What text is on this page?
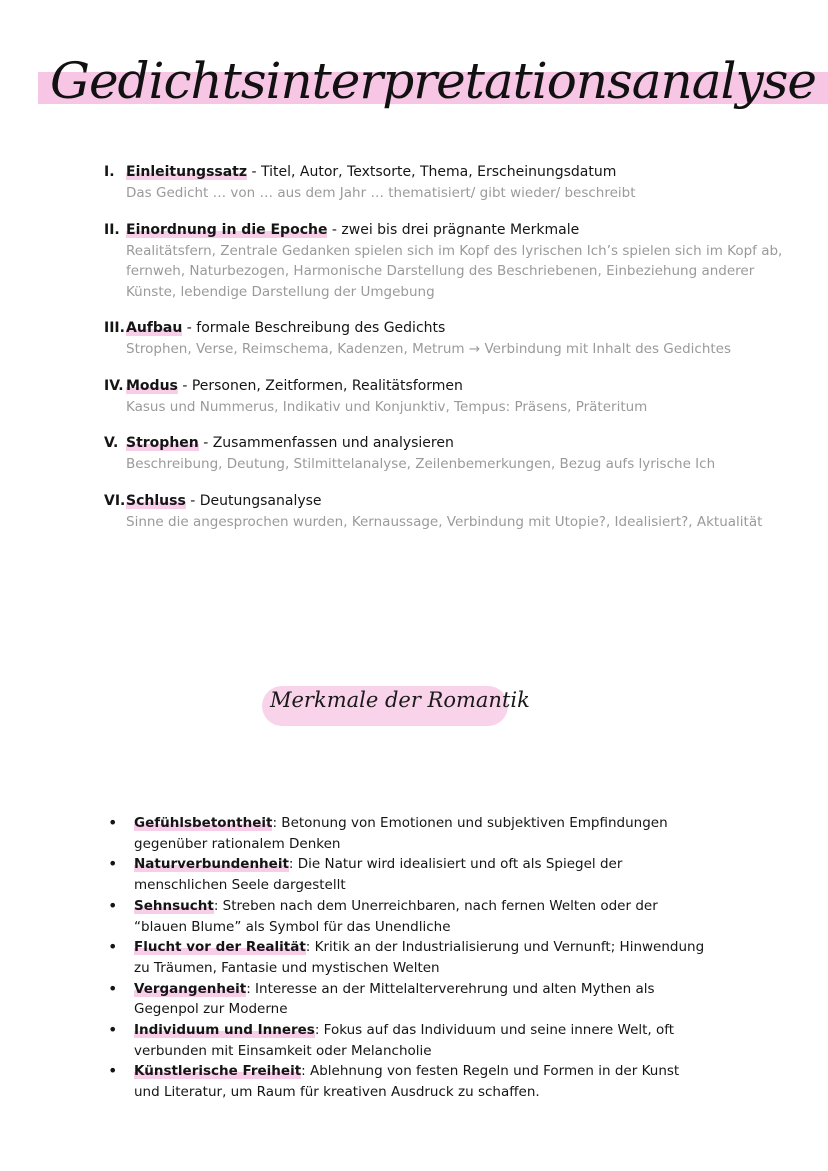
Gedichtsinterpretationsanalyse
I. Einleitungssatz - Titel, Autor, Textsorte, Thema, Erscheinungsdatum
Das Gedicht … von … aus dem Jahr … thematisiert/ gibt wieder/ beschreibt
II. Einordnung in die Epoche - zwei bis drei prägnante Merkmale
Realitätsfern, Zentrale Gedanken spielen sich im Kopf des lyrischen Ich’s spielen sich im Kopf ab, fernweh, Naturbezogen, Harmonische Darstellung des Beschriebenen, Einbeziehung anderer Künste, lebendige Darstellung der Umgebung
III.Aufbau - formale Beschreibung des Gedichts
Strophen, Verse, Reimschema, Kadenzen, Metrum → Verbindung mit Inhalt des Gedichtes
IV. Modus - Personen, Zeitformen, Realitätsformen
Kasus und Nummerus, Indikativ und Konjunktiv, Tempus: Präsens, Präteritum
V. Strophen - Zusammenfassen und analysieren
Beschreibung, Deutung, Stilmittelanalyse, Zeilenbemerkungen, Bezug aufs lyrische Ich
VI.Schluss - Deutungsanalyse
Sinne die angesprochen wurden, Kernaussage, Verbindung mit Utopie?, Idealisiert?, Aktualität
Merkmale der Romantik
• Gefühlsbetontheit: Betonung von Emotionen und subjektiven Empfindungen gegenüber rationalem Denken
• Naturverbundenheit: Die Natur wird idealisiert und oft als Spiegel der menschlichen Seele dargestellt
• Sehnsucht: Streben nach dem Unerreichbaren, nach fernen Welten oder der “blauen Blume” als Symbol für das Unendliche
• Flucht vor der Realität: Kritik an der Industrialisierung und Vernunft; Hinwendung zu Träumen, Fantasie und mystischen Welten
• Vergangenheit: Interesse an der Mittelalterverehrung und alten Mythen als Gegenpol zur Moderne
• Individuum und Inneres: Fokus auf das Individuum und seine innere Welt, oft verbunden mit Einsamkeit oder Melancholie
• Künstlerische Freiheit: Ablehnung von festen Regeln und Formen in der Kunst und Literatur, um Raum für kreativen Ausdruck zu schaffen.
